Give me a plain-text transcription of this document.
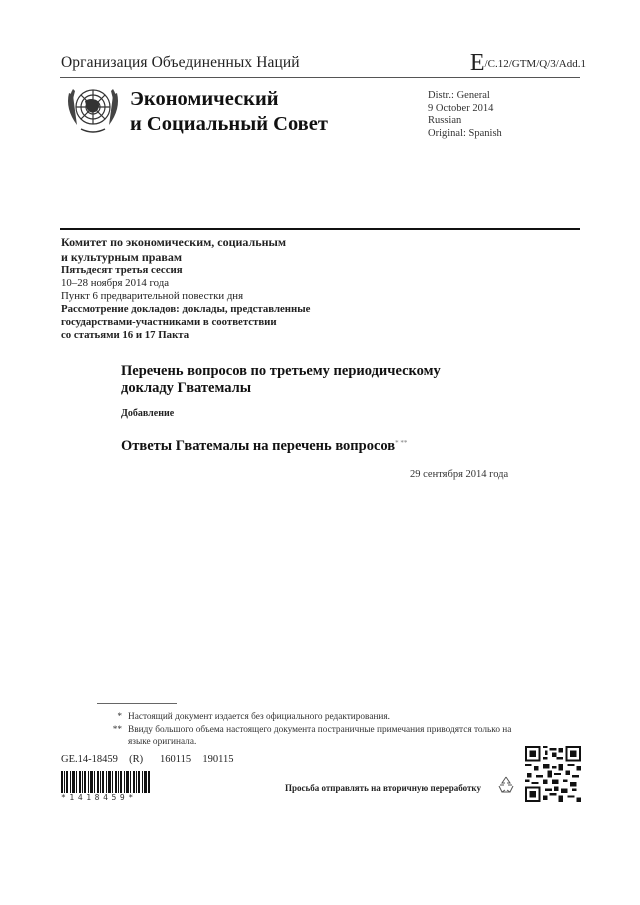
Организация Объединенных Наций	E/C.12/GTM/Q/3/Add.1
Экономический
и Социальный Совет
Distr.: General
9 October 2014
Russian
Original: Spanish
Комитет по экономическим, социальным
и культурным правам
Пятьдесят третья сессия
10–28 ноября 2014 года
Пункт 6 предварительной повестки дня
Рассмотрение докладов: доклады, представленные
государствами-участниками в соответствии
со статьями 16 и 17 Пакта
Перечень вопросов по третьему периодическому
докладу Гватемалы
Добавление
Ответы Гватемалы на перечень вопросов* **
29 сентября 2014 года
* Настоящий документ издается без официального редактирования.
** Ввиду большого объема настоящего документа постраничные примечания приводятся только на языке оригинала.
GE.14-18459  (R)   160115  190115
*1418459*
Просьба отправлять на вторичную переработку
